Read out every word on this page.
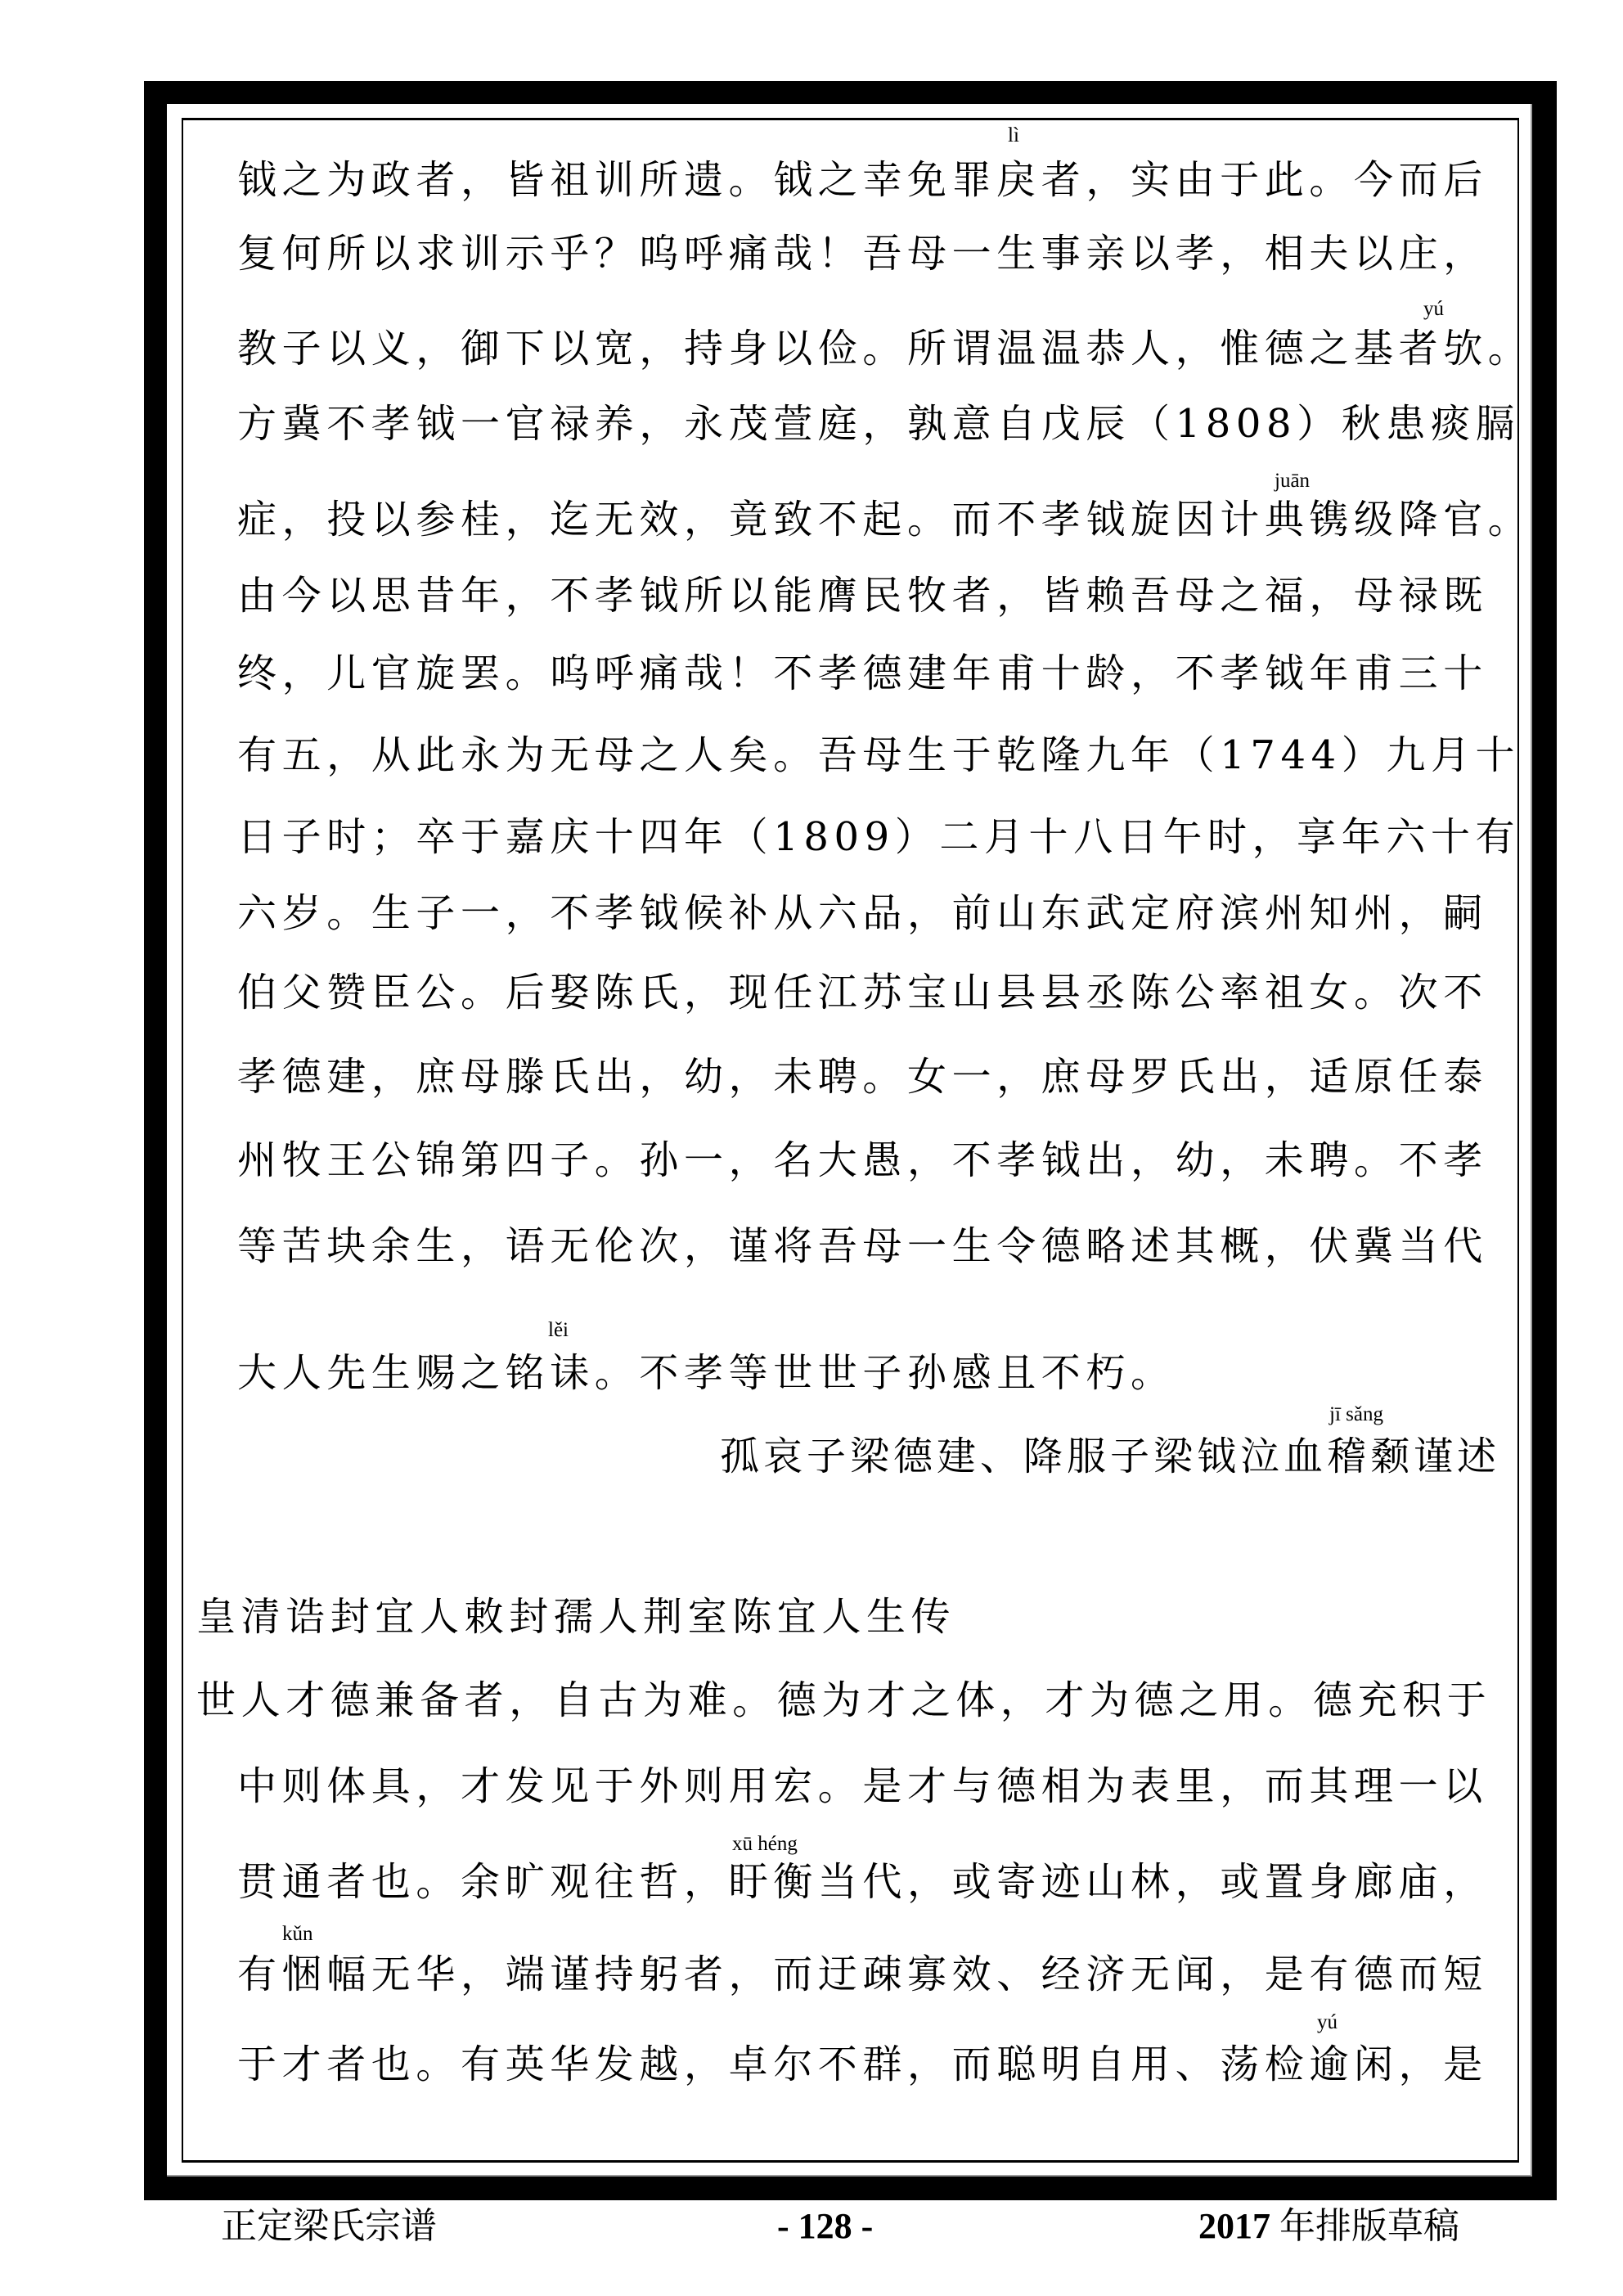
钺之为政者，皆祖训所遗。钺之幸免罪戾者，实由于此。今而后
lì
复何所以求训示乎？呜呼痛哉！吾母一生事亲以孝，相夫以庄，
教子以义，御下以宽，持身以俭。所谓温温恭人，惟德之基者欤。
yú
方冀不孝钺一官禄养，永茂萱庭，孰意自戊辰（1808）秋患痰膈
症，投以参桂，迄无效，竟致不起。而不孝钺旋因计典镌级降官。
juān
由今以思昔年，不孝钺所以能膺民牧者，皆赖吾母之福，母禄既
终，儿官旋罢。呜呼痛哉！不孝德建年甫十龄，不孝钺年甫三十
有五，从此永为无母之人矣。吾母生于乾隆九年（1744）九月十
日子时；卒于嘉庆十四年（1809）二月十八日午时，享年六十有
六岁。生子一，不孝钺候补从六品，前山东武定府滨州知州，嗣
伯父赞臣公。后娶陈氏，现任江苏宝山县县丞陈公率祖女。次不
孝德建，庶母滕氏出，幼，未聘。女一，庶母罗氏出，适原任泰
州牧王公锦第四子。孙一，名大愚，不孝钺出，幼，未聘。不孝
等苦块余生，语无伦次，谨将吾母一生令德略述其概，伏冀当代
大人先生赐之铭诔。不孝等世世子孙感且不朽。
lěi
孤哀子梁德建、降服子梁钺泣血稽颡谨述
jī sǎng
皇清诰封宜人敕封孺人荆室陈宜人生传
世人才德兼备者，自古为难。德为才之体，才为德之用。德充积于
中则体具，才发见于外则用宏。是才与德相为表里，而其理一以
贯通者也。余旷观往哲，盱衡当代，或寄迹山林，或置身廊庙，
xū héng
有悃幅无华，端谨持躬者，而迂疎寡效、经济无闻，是有德而短
kǔn
于才者也。有英华发越，卓尔不群，而聪明自用、荡检逾闲，是
yú
正定梁氏宗谱	- 128 -	2017 年排版草稿
